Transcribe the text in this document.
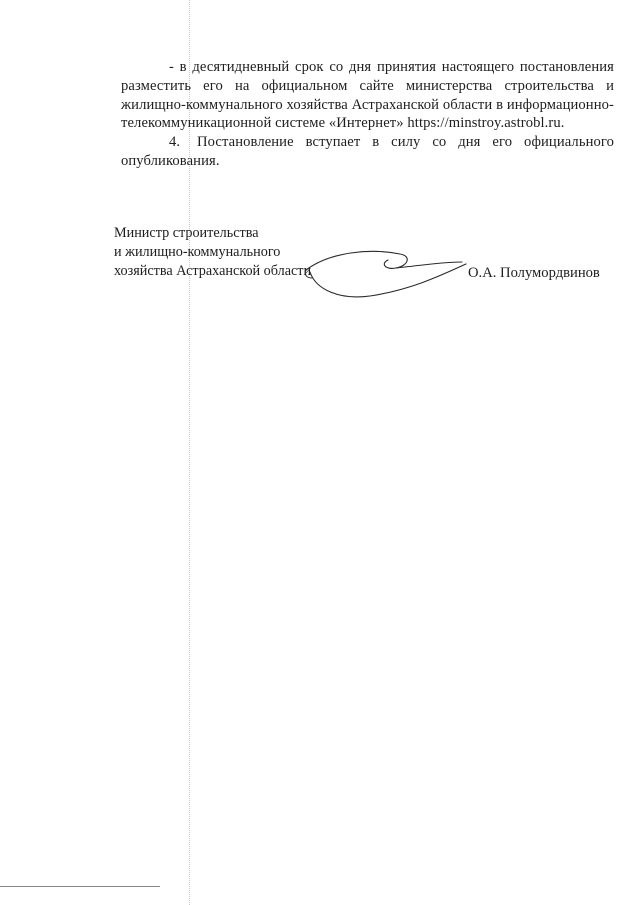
- в десятидневный срок со дня принятия настоящего постановления разместить его на официальном сайте министерства строительства и жилищно-коммунального хозяйства Астраханской области в информационно-телекоммуникационной системе «Интернет» https://minstroy.astrobl.ru.

4. Постановление вступает в силу со дня его официального опубликования.

Министр строительства
и жилищно-коммунального
хозяйства Астраханской области	О.А. Полумордвинов
